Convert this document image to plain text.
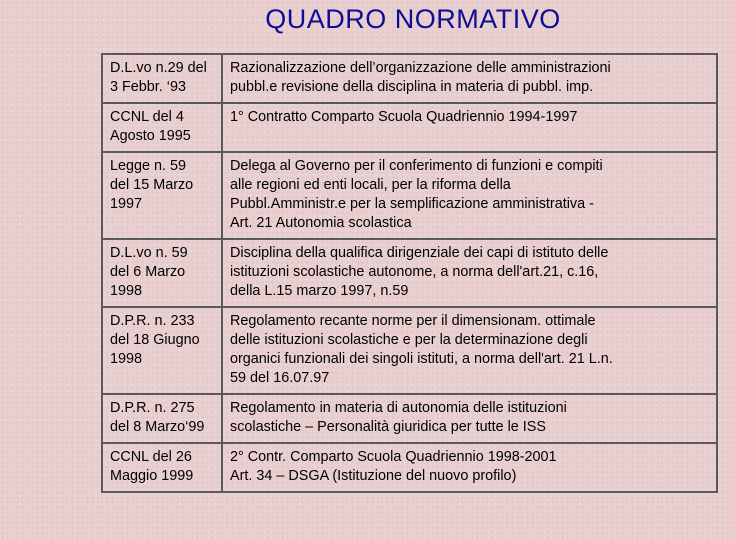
QUADRO NORMATIVO
D.L.vo n.29 del
3 Febbr. ‘93	Razionalizzazione dell’organizzazione delle amministrazioni
pubbl.e revisione della disciplina in materia di pubbl. imp.

CCNL del 4
Agosto 1995	1° Contratto Comparto Scuola Quadriennio 1994-1997

Legge n. 59
del 15 Marzo
1997	Delega al Governo per il conferimento di funzioni e compiti
alle regioni ed enti locali, per la riforma della
Pubbl.Amministr.e per la semplificazione amministrativa -
Art. 21 Autonomia scolastica

D.L.vo n. 59
del 6 Marzo
1998	Disciplina della qualifica dirigenziale dei capi di istituto delle
istituzioni scolastiche autonome, a norma dell'art.21, c.16,
della L.15 marzo 1997, n.59

D.P.R. n. 233
del 18 Giugno
1998	Regolamento recante norme per il dimensionam. ottimale
delle istituzioni scolastiche e per la determinazione degli
organici funzionali dei singoli istituti, a norma dell'art. 21 L.n.
59 del 16.07.97

D.P.R. n. 275
del 8 Marzo‘99	Regolamento in materia di autonomia delle istituzioni
scolastiche – Personalità giuridica per tutte le ISS

CCNL del 26
Maggio 1999	2° Contr. Comparto Scuola Quadriennio 1998-2001
Art. 34 – DSGA (Istituzione del nuovo profilo)
